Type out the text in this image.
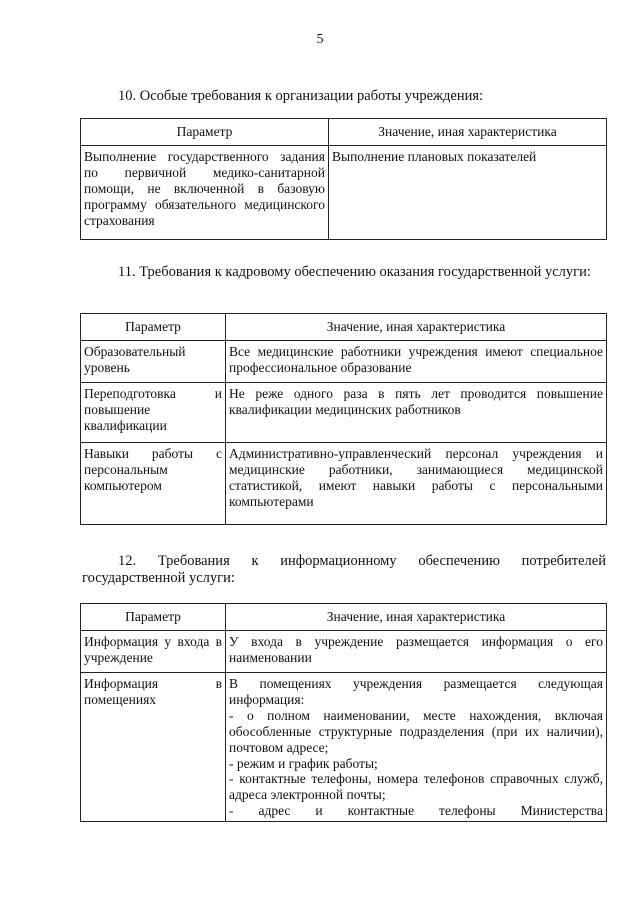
5
10. Особые требования к организации работы учреждения:
Параметр	Значение, иная характеристика
Выполнение государственного задания по первичной медико-санитарной помощи, не включенной в базовую программу обязательного медицинского страхования	Выполнение плановых показателей
11. Требования к кадровому обеспечению оказания государственной услуги:
Параметр	Значение, иная характеристика
Образовательный уровень	Все медицинские работники учреждения имеют специальное профессиональное образование
Переподготовка и повышение квалификации	Не реже одного раза в пять лет проводится повышение квалификации медицинских работников
Навыки работы с персональным компьютером	Административно-управленческий персонал учреждения и медицинские работники, занимающиеся медицинской статистикой, имеют навыки работы с персональными компьютерами
12. Требования к информационному обеспечению потребителей государственной услуги:
Параметр	Значение, иная характеристика
Информация у входа в учреждение	У входа в учреждение размещается информация о его наименовании
Информация в помещениях	В помещениях учреждения размещается следующая информация:
- о полном наименовании, месте нахождения, включая обособленные структурные подразделения (при их наличии), почтовом адресе;
- режим и график работы;
- контактные телефоны, номера телефонов справочных служб, адреса электронной почты;
- адрес и контактные телефоны Министерства
